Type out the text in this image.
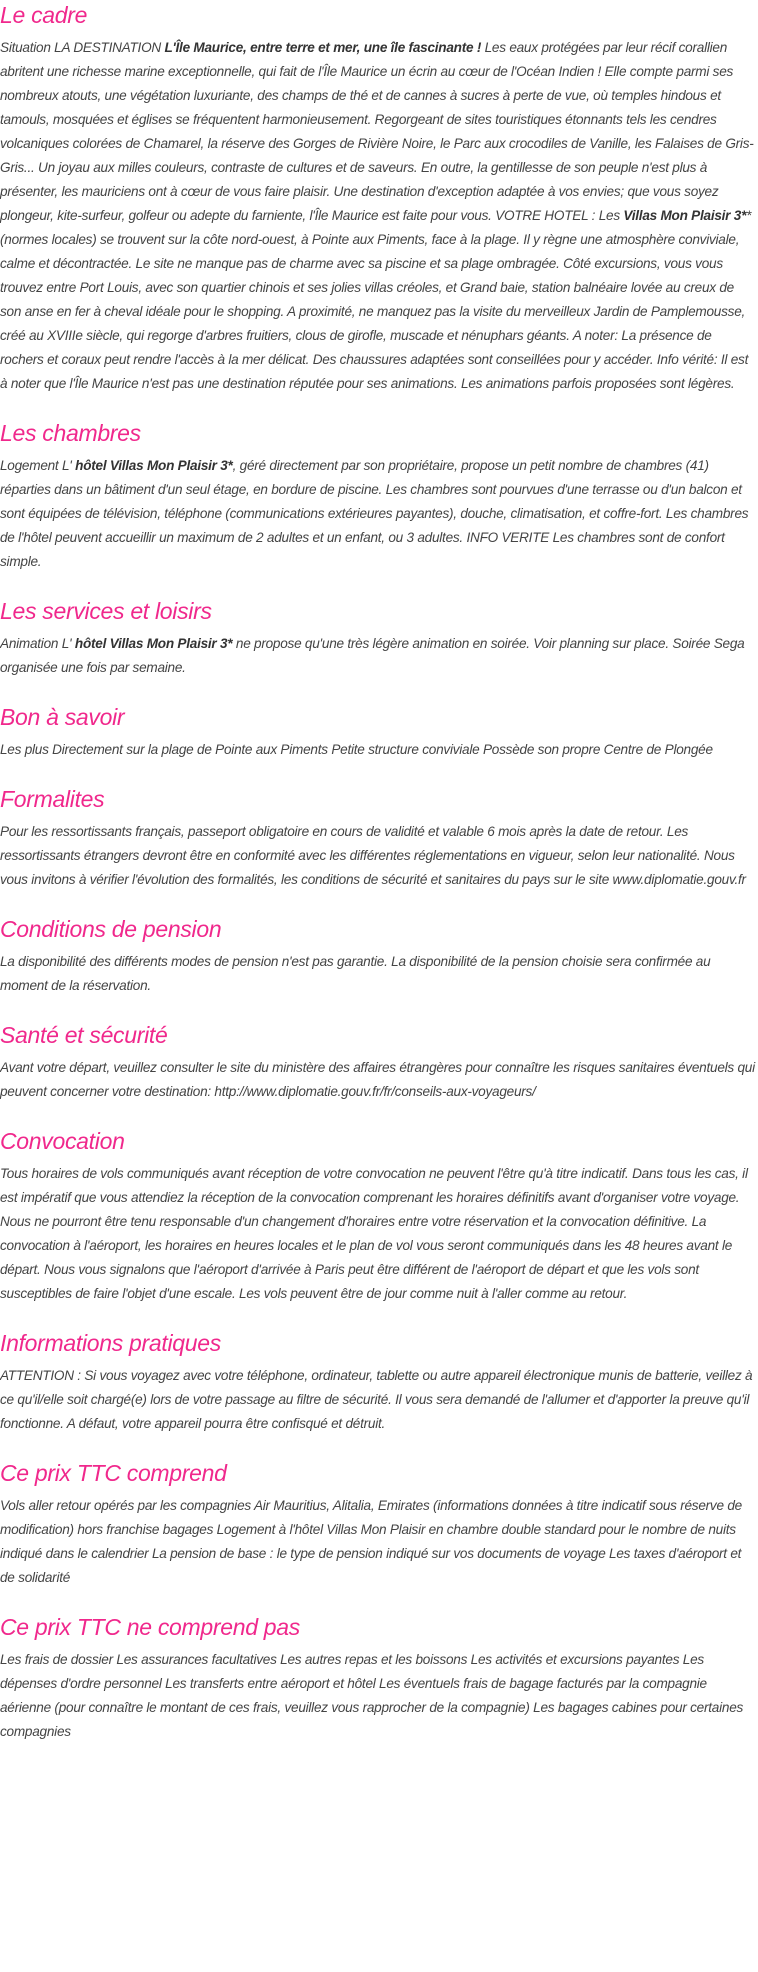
Le cadre

Situation LA DESTINATION L'Île Maurice, entre terre et mer, une île fascinante ! Les eaux protégées par leur récif corallien abritent une richesse marine exceptionnelle, qui fait de l'Île Maurice un écrin au cœur de l'Océan Indien ! Elle compte parmi ses nombreux atouts, une végétation luxuriante, des champs de thé et de cannes à sucres à perte de vue, où temples hindous et tamouls, mosquées et églises se fréquentent harmonieusement. Regorgeant de sites touristiques étonnants tels les cendres volcaniques colorées de Chamarel, la réserve des Gorges de Rivière Noire, le Parc aux crocodiles de Vanille, les Falaises de Gris-Gris... Un joyau aux milles couleurs, contraste de cultures et de saveurs. En outre, la gentillesse de son peuple n'est plus à présenter, les mauriciens ont à cœur de vous faire plaisir. Une destination d'exception adaptée à vos envies; que vous soyez plongeur, kite-surfeur, golfeur ou adepte du farniente, l'Île Maurice est faite pour vous. VOTRE HOTEL : Les Villas Mon Plaisir 3** (normes locales) se trouvent sur la côte nord-ouest, à Pointe aux Piments, face à la plage. Il y règne une atmosphère conviviale, calme et décontractée. Le site ne manque pas de charme avec sa piscine et sa plage ombragée. Côté excursions, vous vous trouvez entre Port Louis, avec son quartier chinois et ses jolies villas créoles, et Grand baie, station balnéaire lovée au creux de son anse en fer à cheval idéale pour le shopping. A proximité, ne manquez pas la visite du merveilleux Jardin de Pamplemousse, créé au XVIIIe siècle, qui regorge d'arbres fruitiers, clous de girofle, muscade et nénuphars géants. A noter: La présence de rochers et coraux peut rendre l'accès à la mer délicat. Des chaussures adaptées sont conseillées pour y accéder. Info vérité: Il est à noter que l'Île Maurice n'est pas une destination réputée pour ses animations. Les animations parfois proposées sont légères.

Les chambres

Logement L' hôtel Villas Mon Plaisir 3*, géré directement par son propriétaire, propose un petit nombre de chambres (41) réparties dans un bâtiment d'un seul étage, en bordure de piscine. Les chambres sont pourvues d'une terrasse ou d'un balcon et sont équipées de télévision, téléphone (communications extérieures payantes), douche, climatisation, et coffre-fort. Les chambres de l'hôtel peuvent accueillir un maximum de 2 adultes et un enfant, ou 3 adultes. INFO VERITE Les chambres sont de confort simple.

Les services et loisirs

Animation L' hôtel Villas Mon Plaisir 3* ne propose qu'une très légère animation en soirée. Voir planning sur place. Soirée Sega organisée une fois par semaine.

Bon à savoir

Les plus Directement sur la plage de Pointe aux Piments Petite structure conviviale Possède son propre Centre de Plongée

Formalites

Pour les ressortissants français, passeport obligatoire en cours de validité et valable 6 mois après la date de retour. Les ressortissants étrangers devront être en conformité avec les différentes réglementations en vigueur, selon leur nationalité. Nous vous invitons à vérifier l'évolution des formalités, les conditions de sécurité et sanitaires du pays sur le site www.diplomatie.gouv.fr

Conditions de pension

La disponibilité des différents modes de pension n'est pas garantie. La disponibilité de la pension choisie sera confirmée au moment de la réservation.

Santé et sécurité

Avant votre départ, veuillez consulter le site du ministère des affaires étrangères pour connaître les risques sanitaires éventuels qui peuvent concerner votre destination: http://www.diplomatie.gouv.fr/fr/conseils-aux-voyageurs/

Convocation

Tous horaires de vols communiqués avant réception de votre convocation ne peuvent l'être qu'à titre indicatif. Dans tous les cas, il est impératif que vous attendiez la réception de la convocation comprenant les horaires définitifs avant d'organiser votre voyage. Nous ne pourront être tenu responsable d'un changement d'horaires entre votre réservation et la convocation définitive. La convocation à l'aéroport, les horaires en heures locales et le plan de vol vous seront communiqués dans les 48 heures avant le départ. Nous vous signalons que l'aéroport d'arrivée à Paris peut être différent de l'aéroport de départ et que les vols sont susceptibles de faire l'objet d'une escale. Les vols peuvent être de jour comme nuit à l'aller comme au retour.

Informations pratiques

ATTENTION : Si vous voyagez avec votre téléphone, ordinateur, tablette ou autre appareil électronique munis de batterie, veillez à ce qu'il/elle soit chargé(e) lors de votre passage au filtre de sécurité. Il vous sera demandé de l'allumer et d'apporter la preuve qu'il fonctionne. A défaut, votre appareil pourra être confisqué et détruit.

Ce prix TTC comprend

Vols aller retour opérés par les compagnies Air Mauritius, Alitalia, Emirates (informations données à titre indicatif sous réserve de modification) hors franchise bagages Logement à l'hôtel Villas Mon Plaisir en chambre double standard pour le nombre de nuits indiqué dans le calendrier La pension de base : le type de pension indiqué sur vos documents de voyage Les taxes d'aéroport et de solidarité

Ce prix TTC ne comprend pas

Les frais de dossier Les assurances facultatives Les autres repas et les boissons Les activités et excursions payantes Les dépenses d'ordre personnel Les transferts entre aéroport et hôtel Les éventuels frais de bagage facturés par la compagnie aérienne (pour connaître le montant de ces frais, veuillez vous rapprocher de la compagnie) Les bagages cabines pour certaines compagnies
